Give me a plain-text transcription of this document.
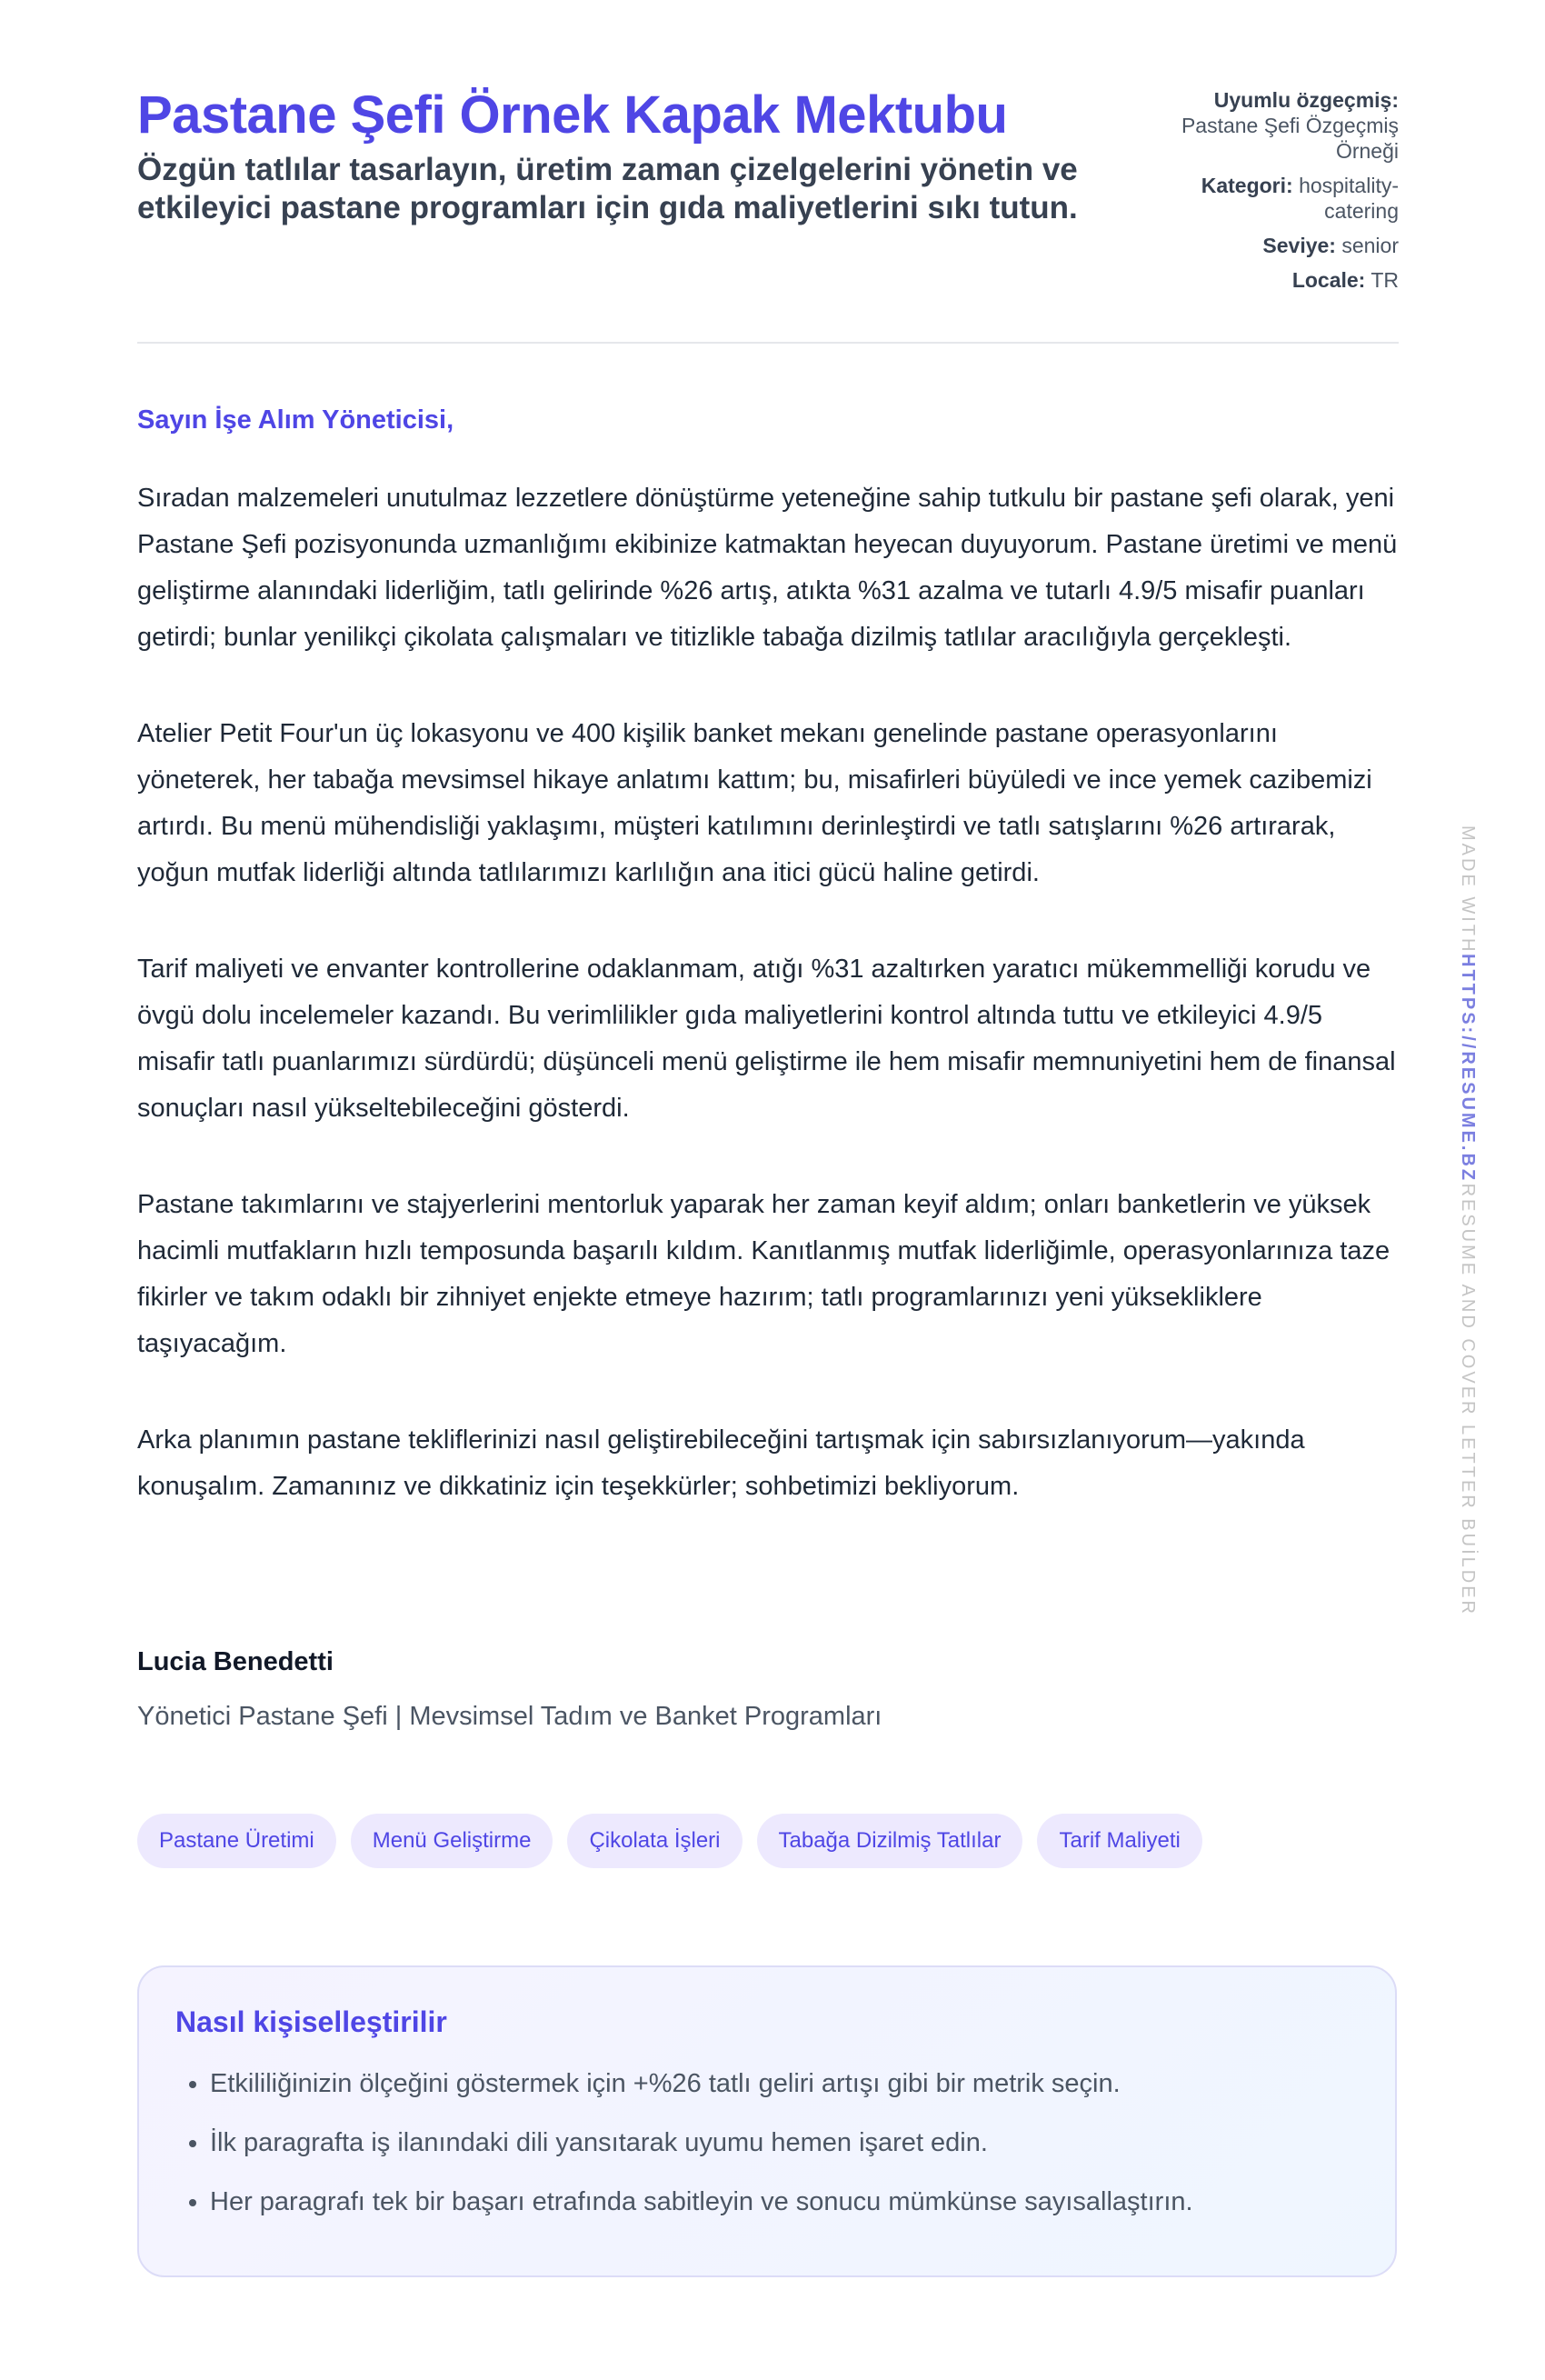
Pastane Şefi Örnek Kapak Mektubu

Özgün tatlılar tasarlayın, üretim zaman çizelgelerini yönetin ve etkileyici pastane programları için gıda maliyetlerini sıkı tutun.

Uyumlu özgeçmiş:
Pastane Şefi Özgeçmiş Örneği
Kategori: hospitality-catering
Seviye: senior
Locale: TR
Sayın İşe Alım Yöneticisi,

Sıradan malzemeleri unutulmaz lezzetlere dönüştürme yeteneğine sahip tutkulu bir pastane şefi olarak, yeni Pastane Şefi pozisyonunda uzmanlığımı ekibinize katmaktan heyecan duyuyorum. Pastane üretimi ve menü geliştirme alanındaki liderliğim, tatlı gelirinde %26 artış, atıkta %31 azalma ve tutarlı 4.9/5 misafir puanları getirdi; bunlar yenilikçi çikolata çalışmaları ve titizlikle tabağa dizilmiş tatlılar aracılığıyla gerçekleşti.

Atelier Petit Four'un üç lokasyonu ve 400 kişilik banket mekanı genelinde pastane operasyonlarını yöneterek, her tabağa mevsimsel hikaye anlatımı kattım; bu, misafirleri büyüledi ve ince yemek cazibemizi artırdı. Bu menü mühendisliği yaklaşımı, müşteri katılımını derinleştirdi ve tatlı satışlarını %26 artırarak, yoğun mutfak liderliği altında tatlılarımızı karlılığın ana itici gücü haline getirdi.

Tarif maliyeti ve envanter kontrollerine odaklanmam, atığı %31 azaltırken yaratıcı mükemmelliği korudu ve övgü dolu incelemeler kazandı. Bu verimlilikler gıda maliyetlerini kontrol altında tuttu ve etkileyici 4.9/5 misafir tatlı puanlarımızı sürdürdü; düşünceli menü geliştirme ile hem misafir memnuniyetini hem de finansal sonuçları nasıl yükseltebileceğini gösterdi.

Pastane takımlarını ve stajyerlerini mentorluk yaparak her zaman keyif aldım; onları banketlerin ve yüksek hacimli mutfakların hızlı temposunda başarılı kıldım. Kanıtlanmış mutfak liderliğimle, operasyonlarınıza taze fikirler ve takım odaklı bir zihniyet enjekte etmeye hazırım; tatlı programlarınızı yeni yüksekliklere taşıyacağım.

Arka planımın pastane tekliflerinizi nasıl geliştirebileceğini tartışmak için sabırsızlanıyorum—yakında konuşalım. Zamanınız ve dikkatiniz için teşekkürler; sohbetimizi bekliyorum.

Lucia Benedetti
Yönetici Pastane Şefi | Mevsimsel Tadım ve Banket Programları
Pastane Üretimi	Menü Geliştirme	Çikolata İşleri	Tabağa Dizilmiş Tatlılar	Tarif Maliyeti
Nasıl kişiselleştirilir
• Etkililiğinizin ölçeğini göstermek için +%26 tatlı geliri artışı gibi bir metrik seçin.
• İlk paragrafta iş ilanındaki dili yansıtarak uyumu hemen işaret edin.
• Her paragrafı tek bir başarı etrafında sabitleyin ve sonucu mümkünse sayısallaştırın.
MADE WITHHTTPS://RESUME.BZRESUME AND COVER LETTER BUİLDER
